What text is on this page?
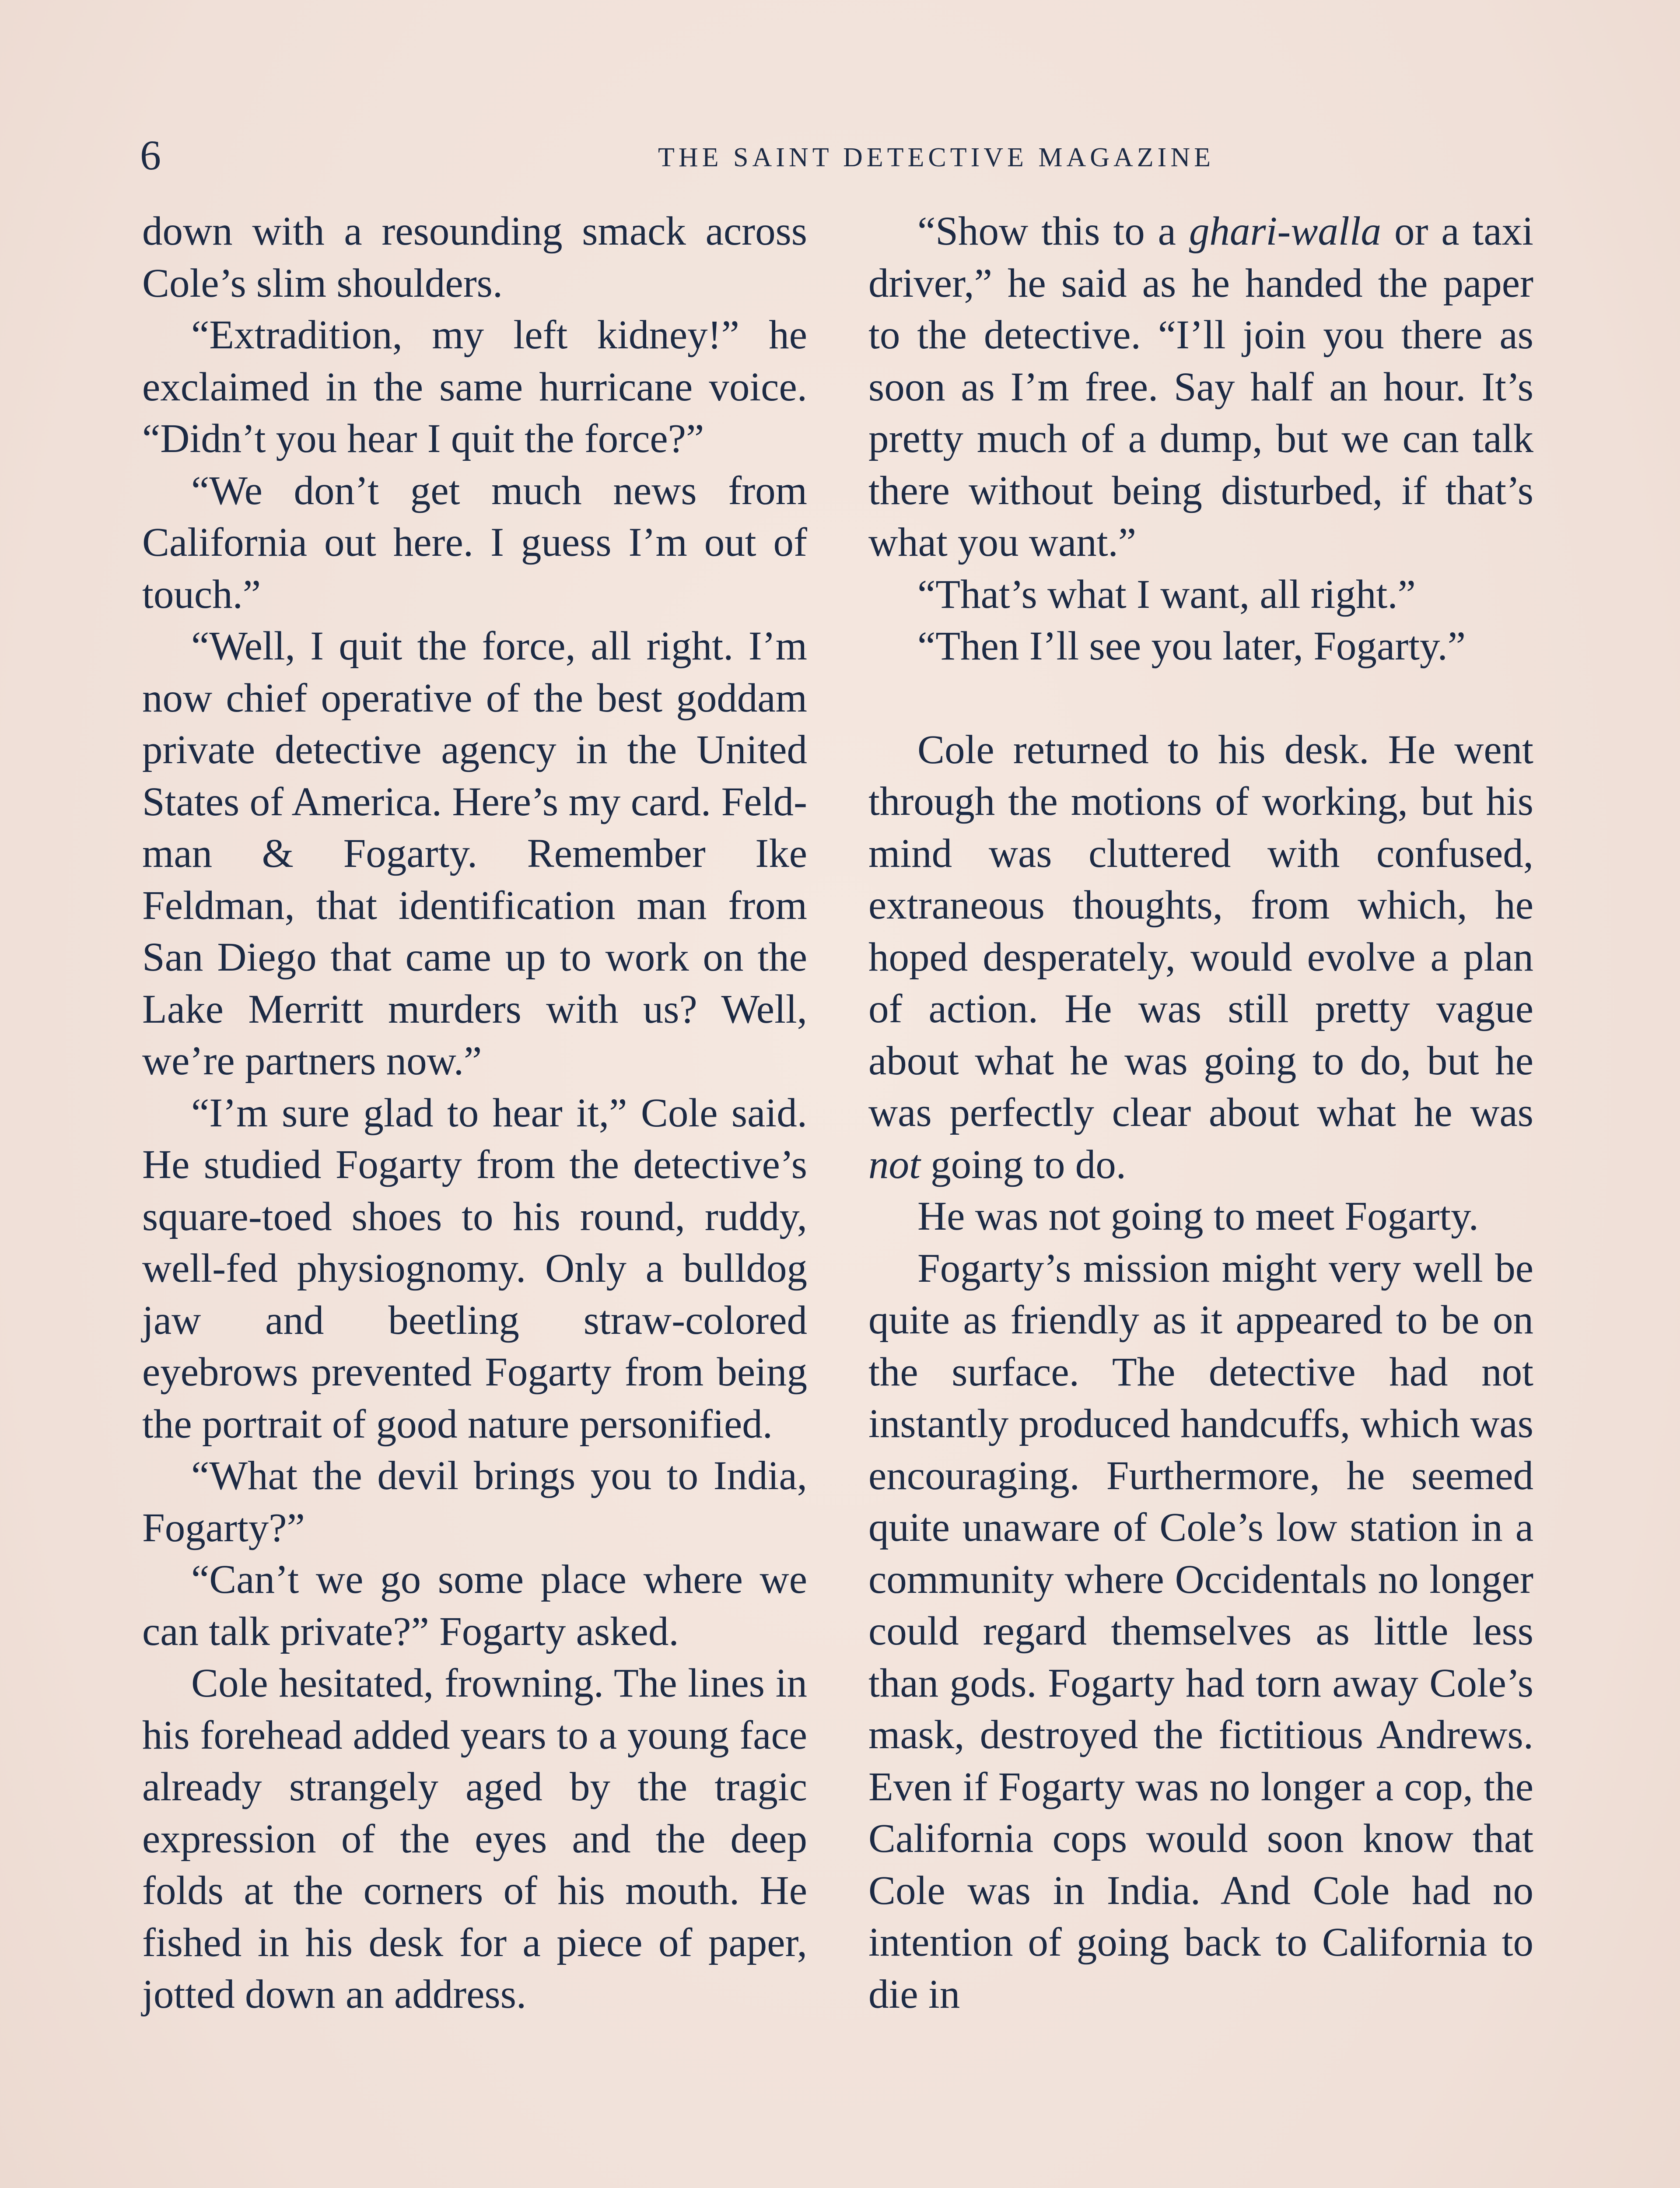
6	THE SAINT DETECTIVE MAGAZINE

down with a resounding smack across Cole’s slim shoulders.

“Extradition, my left kidney!” he exclaimed in the same hurricane voice. “Didn’t you hear I quit the force?”

“We don’t get much news from California out here. I guess I’m out of touch.”

“Well, I quit the force, all right. I’m now chief operative of the best goddam private detective agency in the United States of America. Here’s my card. Feldman & Fogarty. Remember Ike Feldman, that identification man from San Diego that came up to work on the Lake Merritt murders with us? Well, we’re partners now.”

“I’m sure glad to hear it,” Cole said. He studied Fogarty from the detective’s square-toed shoes to his round, ruddy, well-fed physiognomy. Only a bulldog jaw and beetling straw-colored eyebrows prevented Fogarty from being the portrait of good nature personified.

“What the devil brings you to India, Fogarty?”

“Can’t we go some place where we can talk private?” Fogarty asked.

Cole hesitated, frowning. The lines in his forehead added years to a young face already strangely aged by the tragic expression of the eyes and the deep folds at the corners of his mouth. He fished in his desk for a piece of paper, jotted down an address.

“Show this to a ghari-walla or a taxi driver,” he said as he handed the paper to the detective. “I’ll join you there as soon as I’m free. Say half an hour. It’s pretty much of a dump, but we can talk there without being disturbed, if that’s what you want.”

“That’s what I want, all right.”

“Then I’ll see you later, Fogarty.”

Cole returned to his desk. He went through the motions of working, but his mind was cluttered with confused, extraneous thoughts, from which, he hoped desperately, would evolve a plan of action. He was still pretty vague about what he was going to do, but he was perfectly clear about what he was not going to do.

He was not going to meet Fogarty.

Fogarty’s mission might very well be quite as friendly as it appeared to be on the surface. The detective had not instantly produced handcuffs, which was encouraging. Furthermore, he seemed quite unaware of Cole’s low station in a community where Occidentals no longer could regard themselves as little less than gods. Fogarty had torn away Cole’s mask, destroyed the fictitious Andrews. Even if Fogarty was no longer a cop, the California cops would soon know that Cole was in India. And Cole had no intention of going back to California to die in
